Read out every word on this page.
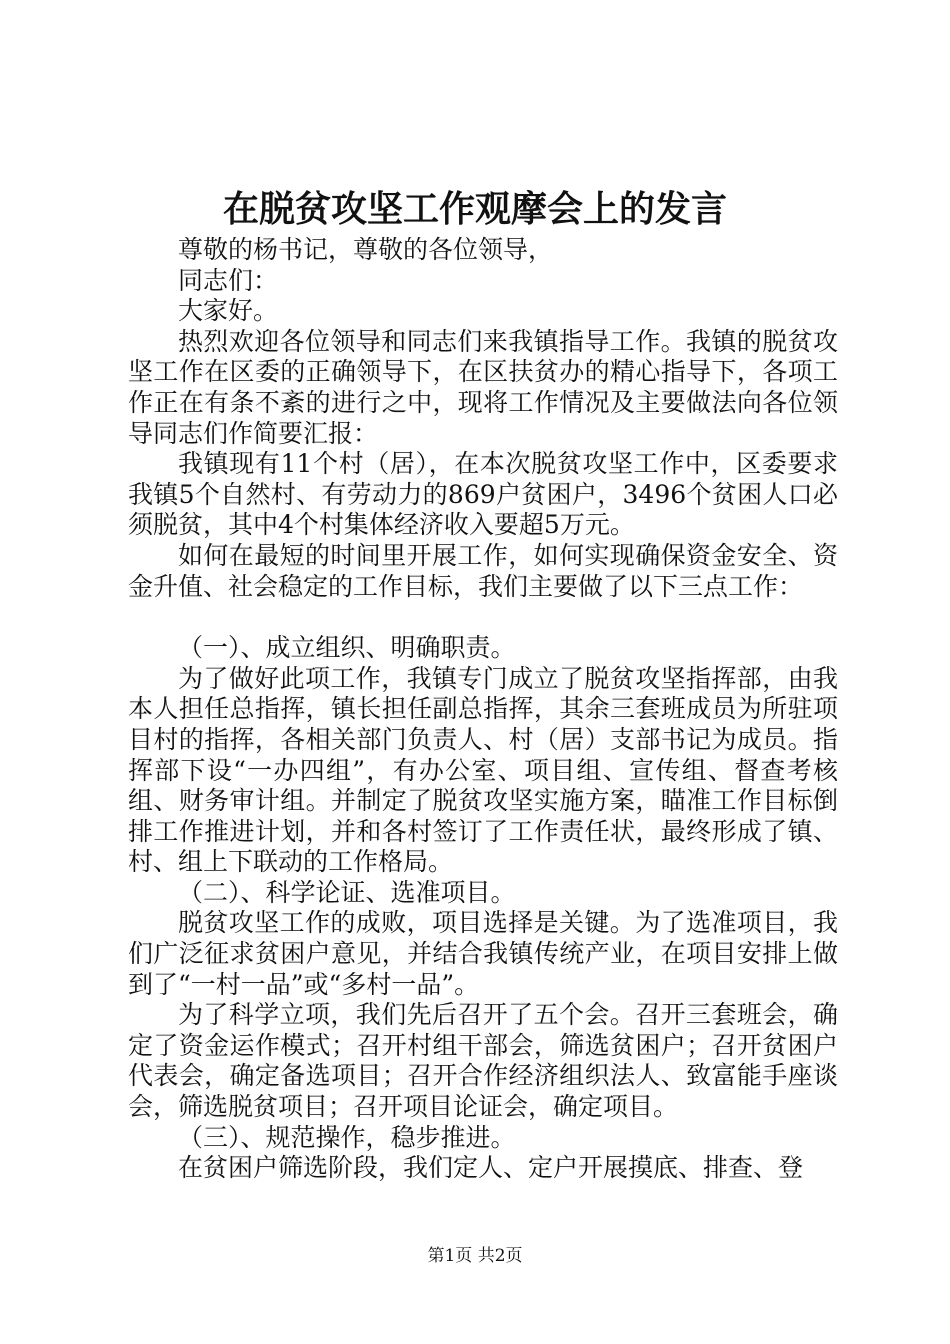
在脱贫攻坚工作观摩会上的发言

尊敬的杨书记，尊敬的各位领导，

同志们：

大家好。

热烈欢迎各位领导和同志们来我镇指导工作。我镇的脱贫攻坚工作在区委的正确领导下，在区扶贫办的精心指导下，各项工作正在有条不紊的进行之中，现将工作情况及主要做法向各位领导同志们作简要汇报：

我镇现有11个村（居），在本次脱贫攻坚工作中，区委要求我镇5个自然村、有劳动力的869户贫困户，3496个贫困人口必须脱贫，其中4个村集体经济收入要超5万元。

如何在最短的时间里开展工作，如何实现确保资金安全、资金升值、社会稳定的工作目标，我们主要做了以下三点工作：

（一）、成立组织、明确职责。

为了做好此项工作，我镇专门成立了脱贫攻坚指挥部，由我本人担任总指挥，镇长担任副总指挥，其余三套班成员为所驻项目村的指挥，各相关部门负责人、村（居）支部书记为成员。指挥部下设“一办四组”，有办公室、项目组、宣传组、督查考核组、财务审计组。并制定了脱贫攻坚实施方案，瞄准工作目标倒排工作推进计划，并和各村签订了工作责任状，最终形成了镇、村、组上下联动的工作格局。

（二）、科学论证、选准项目。

脱贫攻坚工作的成败，项目选择是关键。为了选准项目，我们广泛征求贫困户意见，并结合我镇传统产业，在项目安排上做到了“一村一品”或“多村一品”。

为了科学立项，我们先后召开了五个会。召开三套班会，确定了资金运作模式；召开村组干部会，筛选贫困户；召开贫困户代表会，确定备选项目；召开合作经济组织法人、致富能手座谈会，筛选脱贫项目；召开项目论证会，确定项目。

（三）、规范操作，稳步推进。

在贫困户筛选阶段，我们定人、定户开展摸底、排查、登

第1页 共2页
